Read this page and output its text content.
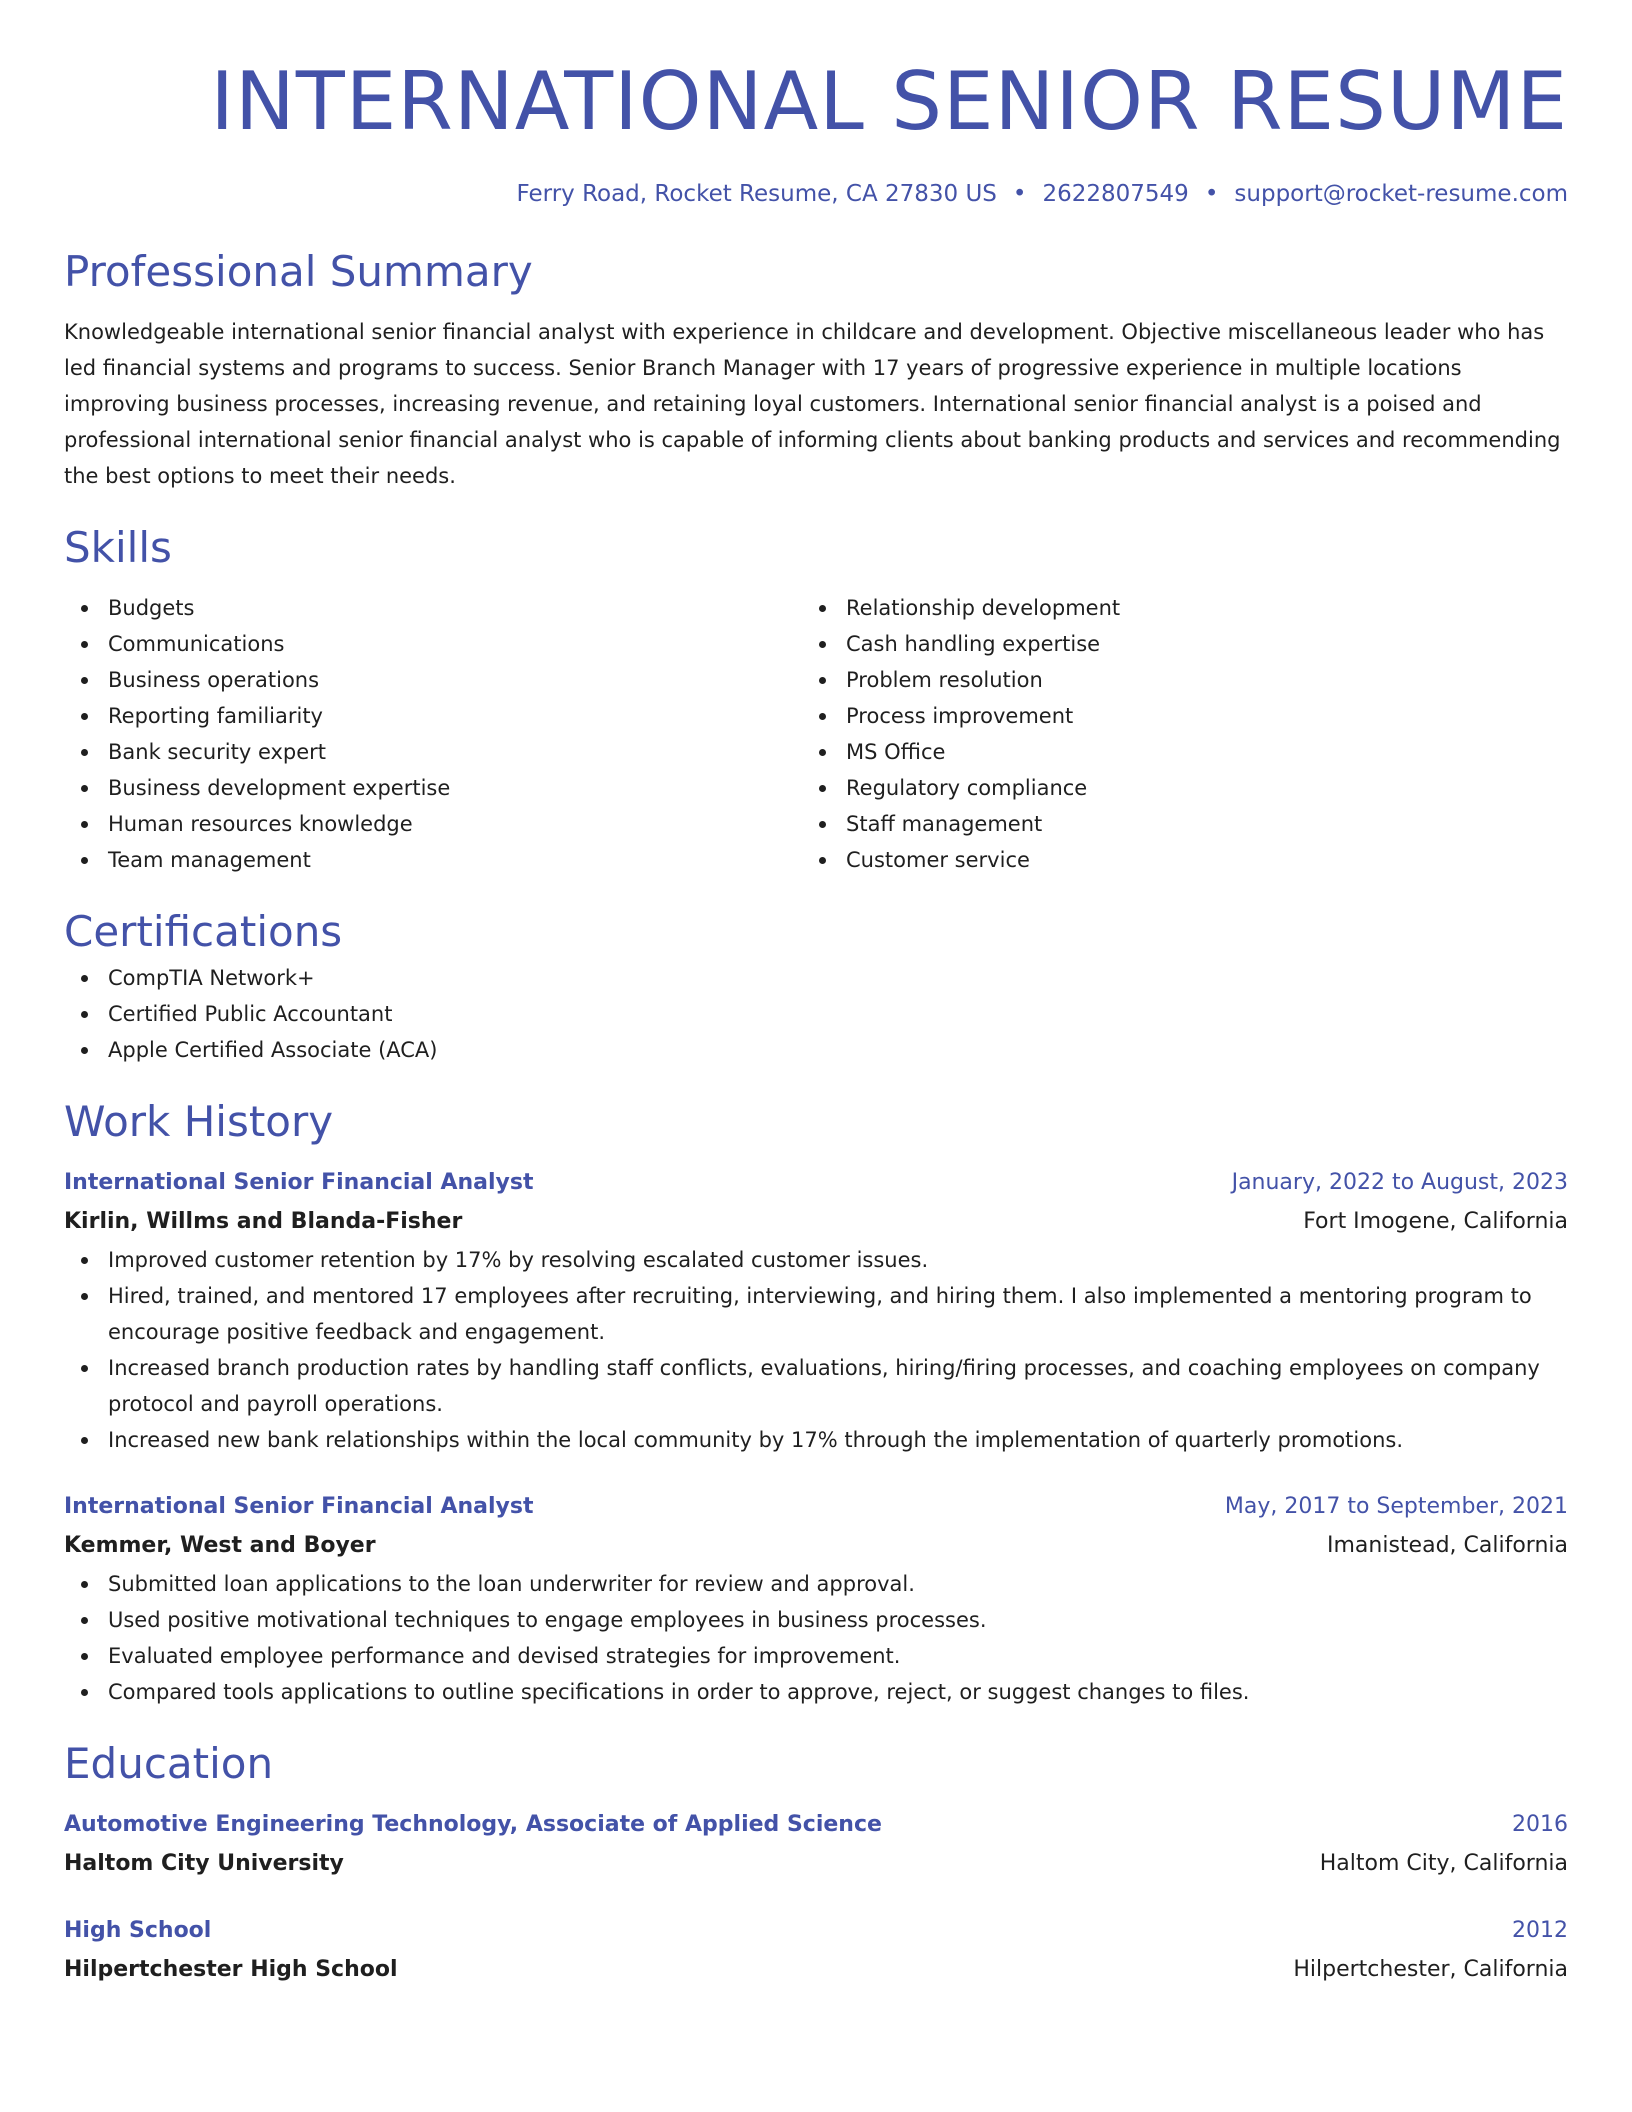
INTERNATIONAL SENIOR RESUME
Ferry Road, Rocket Resume, CA 27830 US • 2622807549 • support@rocket-resume.com
Professional Summary
Knowledgeable international senior financial analyst with experience in childcare and development. Objective miscellaneous leader who has led financial systems and programs to success. Senior Branch Manager with 17 years of progressive experience in multiple locations improving business processes, increasing revenue, and retaining loyal customers. International senior financial analyst is a poised and professional international senior financial analyst who is capable of informing clients about banking products and services and recommending the best options to meet their needs.
Skills
Budgets
Communications
Business operations
Reporting familiarity
Bank security expert
Business development expertise
Human resources knowledge
Team management
Relationship development
Cash handling expertise
Problem resolution
Process improvement
MS Office
Regulatory compliance
Staff management
Customer service
Certifications
CompTIA Network+
Certified Public Accountant
Apple Certified Associate (ACA)
Work History
International Senior Financial Analyst	January, 2022 to August, 2023
Kirlin, Willms and Blanda-Fisher	Fort Imogene, California
Improved customer retention by 17% by resolving escalated customer issues.
Hired, trained, and mentored 17 employees after recruiting, interviewing, and hiring them. I also implemented a mentoring program to encourage positive feedback and engagement.
Increased branch production rates by handling staff conflicts, evaluations, hiring/firing processes, and coaching employees on company protocol and payroll operations.
Increased new bank relationships within the local community by 17% through the implementation of quarterly promotions.
International Senior Financial Analyst	May, 2017 to September, 2021
Kemmer, West and Boyer	Imanistead, California
Submitted loan applications to the loan underwriter for review and approval.
Used positive motivational techniques to engage employees in business processes.
Evaluated employee performance and devised strategies for improvement.
Compared tools applications to outline specifications in order to approve, reject, or suggest changes to files.
Education
Automotive Engineering Technology, Associate of Applied Science	2016
Haltom City University	Haltom City, California
High School	2012
Hilpertchester High School	Hilpertchester, California
